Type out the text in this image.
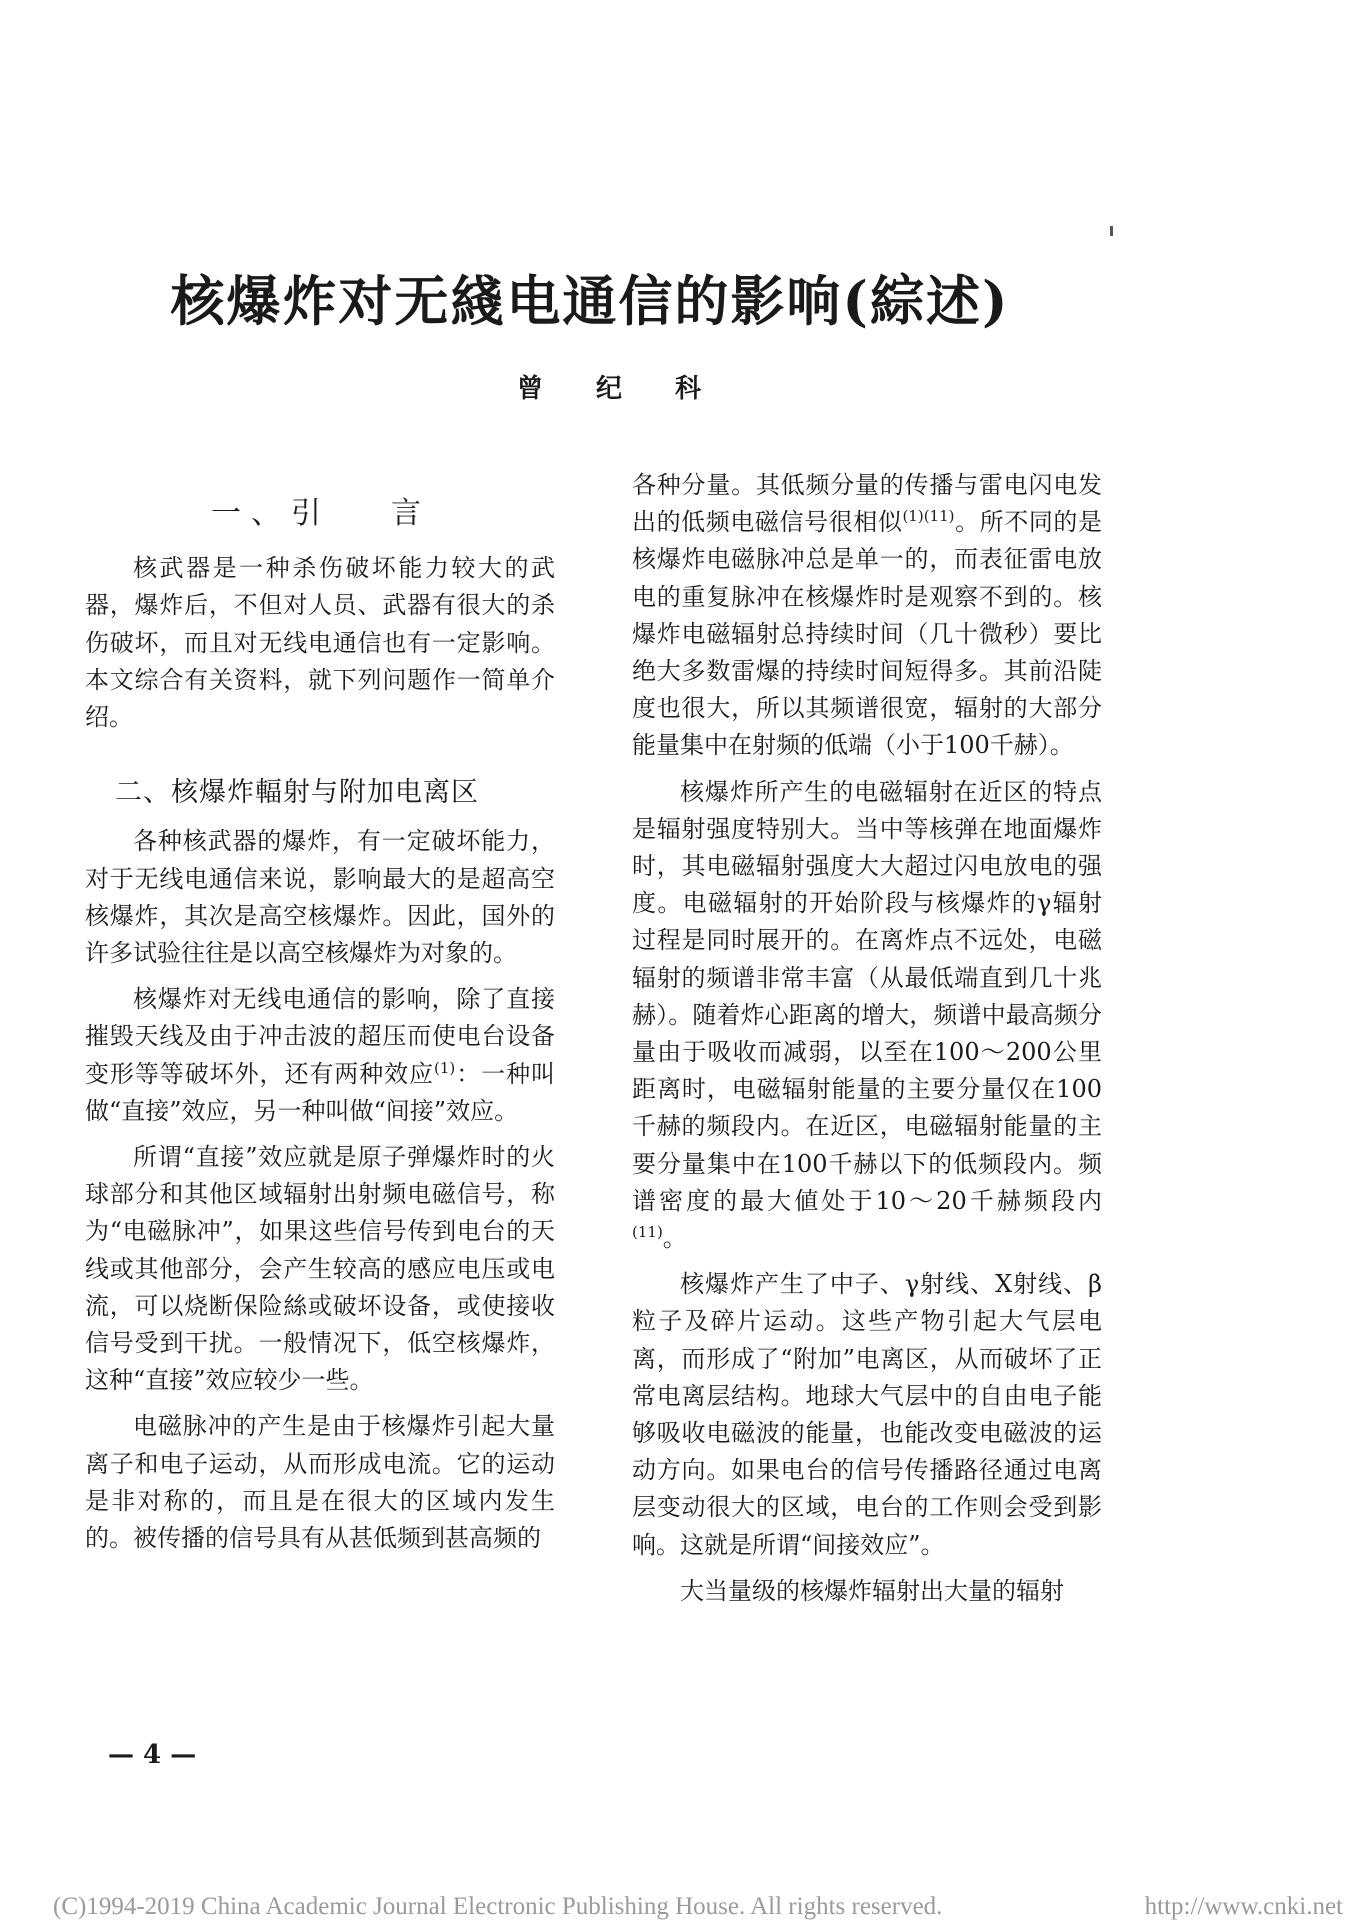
核爆炸对无綫电通信的影响(綜述)
曾 纪 科
一、引 言

核武器是一种杀伤破坏能力较大的武器，爆炸后，不但对人员、武器有很大的杀伤破坏，而且对无线电通信也有一定影响。本文综合有关资料，就下列问题作一简单介绍。

二、核爆炸輻射与附加电离区

各种核武器的爆炸，有一定破坏能力，对于无线电通信来说，影响最大的是超高空核爆炸，其次是高空核爆炸。因此，国外的许多试验往往是以高空核爆炸为对象的。

核爆炸对无线电通信的影响，除了直接摧毁天线及由于冲击波的超压而使电台设备变形等等破坏外，还有两种效应$^{(1)}$：一种叫做“直接”效应，另一种叫做“间接”效应。

所谓“直接”效应就是原子弹爆炸时的火球部分和其他区域辐射出射频电磁信号，称为“电磁脉冲”，如果这些信号传到电台的天线或其他部分，会产生较高的感应电压或电流，可以烧断保险絲或破坏设备，或使接收信号受到干扰。一般情况下，低空核爆炸，这种“直接”效应较少一些。

电磁脉冲的产生是由于核爆炸引起大量离子和电子运动，从而形成电流。它的运动是非对称的，而且是在很大的区域内发生的。被传播的信号具有从甚低频到甚高频的

各种分量。其低频分量的传播与雷电闪电发出的低频电磁信号很相似$^{(1)(11)}$。所不同的是核爆炸电磁脉冲总是单一的，而表征雷电放电的重复脉冲在核爆炸时是观察不到的。核爆炸电磁辐射总持续时间（几十微秒）要比绝大多数雷爆的持续时间短得多。其前沿陡度也很大，所以其频谱很宽，辐射的大部分能量集中在射频的低端（小于100千赫）。

核爆炸所产生的电磁辐射在近区的特点是辐射强度特别大。当中等核弹在地面爆炸时，其电磁辐射强度大大超过闪电放电的强度。电磁辐射的开始阶段与核爆炸的γ辐射过程是同时展开的。在离炸点不远处，电磁辐射的频谱非常丰富（从最低端直到几十兆赫）。随着炸心距离的增大，频谱中最高频分量由于吸收而减弱，以至在100～200公里距离时，电磁辐射能量的主要分量仅在100千赫的频段内。在近区，电磁辐射能量的主要分量集中在100千赫以下的低频段内。频谱密度的最大値处于10～20千赫频段内$^{(11)}$。

核爆炸产生了中子、γ射线、X射线、β粒子及碎片运动。这些产物引起大气层电离，而形成了“附加”电离区，从而破坏了正常电离层结构。地球大气层中的自由电子能够吸收电磁波的能量，也能改变电磁波的运动方向。如果电台的信号传播路径通过电离层变动很大的区域，电台的工作则会受到影响。这就是所谓“间接效应”。

大当量级的核爆炸辐射出大量的辐射

— 4 —
(C)1994-2019 China Academic Journal Electronic Publishing House. All rights reserved.	http://www.cnki.net
